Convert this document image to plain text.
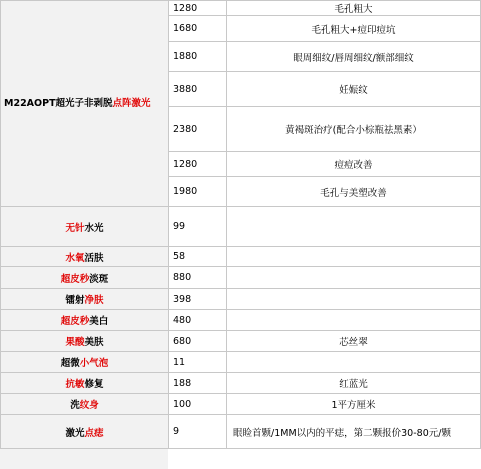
M22AOPT超光子非剥脱点阵激光	1280	毛孔粗大
	1680	毛孔粗大+痘印痘坑
	1880	眼周细纹/唇周细纹/额部细纹
	3880	妊娠纹
	2380	黄褐斑治疗(配合小棕瓶祛黑素）
	1280	痘痘改善
	1980	毛孔与美塑改善
无针水光	99	
水氧活肤	58	
超皮秒淡斑	880	
镭射净肤	398	
超皮秒美白	480	
果酸美肤	680	芯丝翠
超微小气泡	11	
抗敏修复	188	红蓝光
洗纹身	100	1平方厘米
激光点痣	9	眼睑首颗/1MM以内的平痣，第二颗报价30-80元/颗
